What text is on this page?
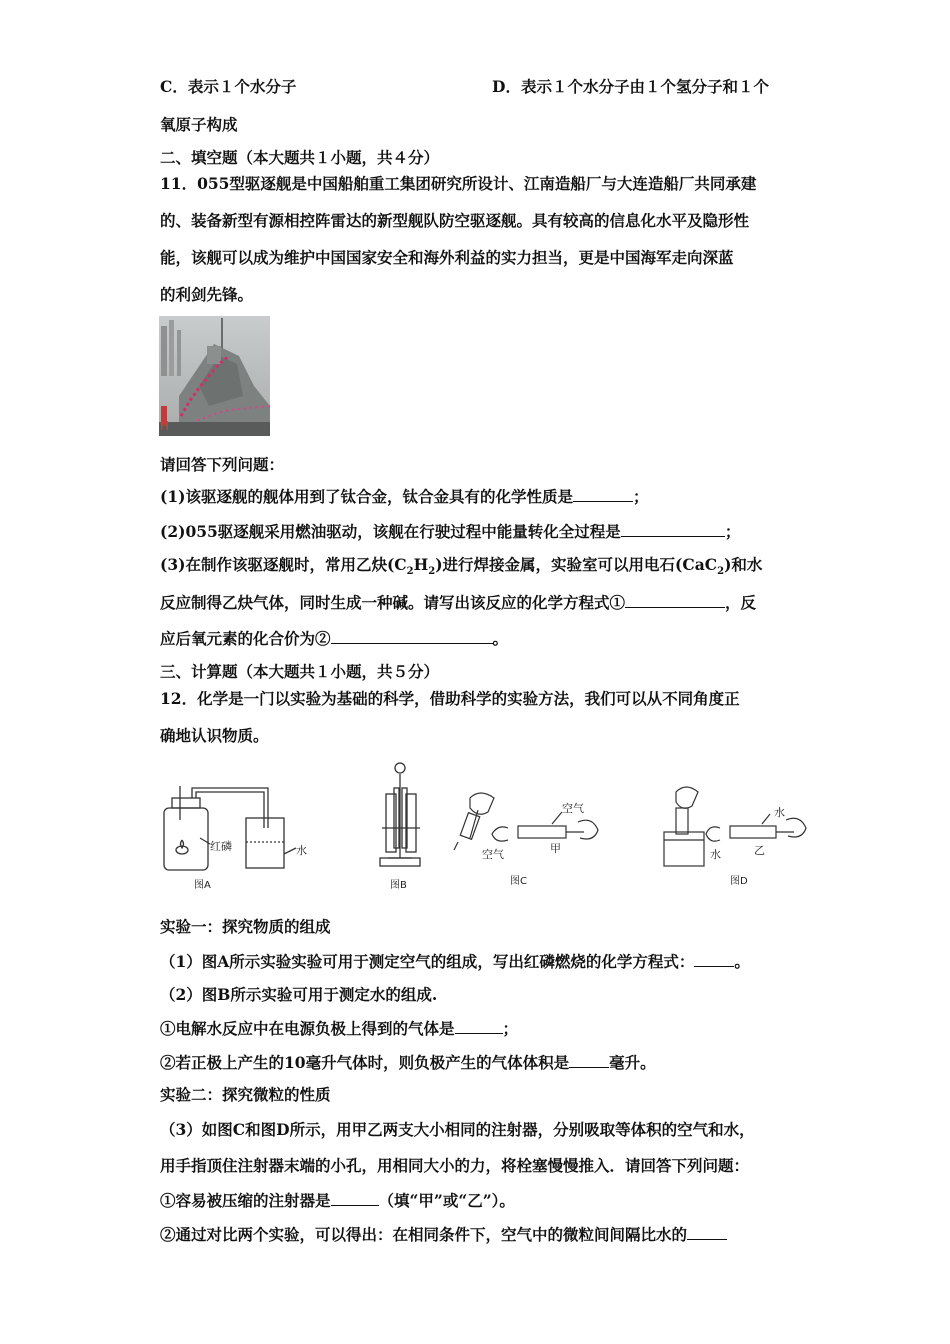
C．表示１个水分子	D．表示１个水分子由１个氢分子和１个
氧原子构成
二、填空题（本大题共１小题，共４分）
11．055型驱逐舰是中国船舶重工集团研究所设计、江南造船厂与大连造船厂共同承建
的、装备新型有源相控阵雷达的新型舰队防空驱逐舰。具有较高的信息化水平及隐形性
能，该舰可以成为维护中国国家安全和海外利益的实力担当，更是中国海军走向深蓝
的利剑先锋。
H
请回答下列问题：
(1)该驱逐舰的舰体用到了钛合金，钛合金具有的化学性质是	；
(2)055驱逐舰采用燃油驱动，该舰在行驶过程中能量转化全过程是	；
(3)在制作该驱逐舰时，常用乙炔$(C_2H_2)$进行焊接金属，实验室可以用电石(CaC$_2$)和水
反应制得乙炔气体，同时生成一种碱。请写出该反应的化学方程式①	，反
应后氧元素的化合价为②	。
三、计算题（本大题共１小题，共５分）
12．化学是一门以实验为基础的科学，借助科学的实验方法，我们可以从不同角度正
确地认识物质。
红磷	水
图A	图B
空气
甲
空气
图C
水
乙
水
图D
实验一：探究物质的组成
（1）图A所示实验实验可用于测定空气的组成，写出红磷燃烧的化学方程式：	。
（2）图B所示实验可用于测定水的组成.
①电解水反应中在电源负极上得到的气体是	；
②若正极上产生的10毫升气体时，则负极产生的气体体积是	毫升。
实验二：探究微粒的性质
（3）如图C和图D所示，用甲乙两支大小相同的注射器，分别吸取等体积的空气和水，
用手指顶住注射器末端的小孔，用相同大小的力，将栓塞慢慢推入．请回答下列问题：
①容易被压缩的注射器是	（填“甲”或“乙”）。
②通过对比两个实验，可以得出：在相同条件下，空气中的微粒间间隔比水的
